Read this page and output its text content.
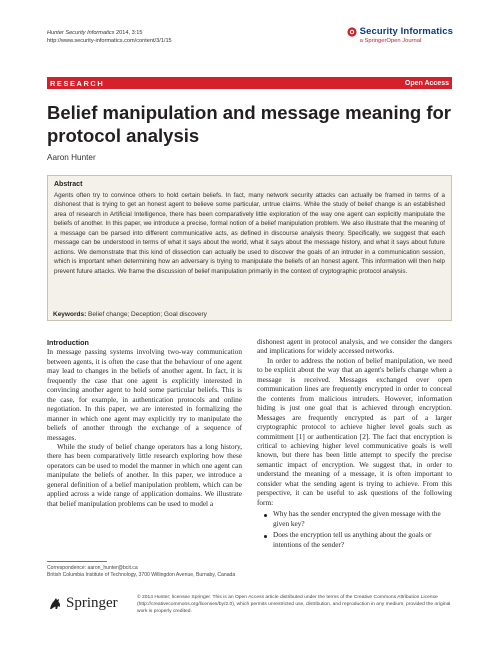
Hunter Security Informatics 2014, 3:15
http://www.security-informatics.com/content/3/1/15
Security Informatics
a SpringerOpen Journal
RESEARCH	Open Access
Belief manipulation and message meaning for protocol analysis
Aaron Hunter
Abstract
Agents often try to convince others to hold certain beliefs. In fact, many network security attacks can actually be framed in terms of a dishonest that is trying to get an honest agent to believe some particular, untrue claims. While the study of belief change is an established area of research in Artificial Intelligence, there has been comparatively little exploration of the way one agent can explicitly manipulate the beliefs of another. In this paper, we introduce a precise, formal notion of a belief manipulation problem. We also illustrate that the meaning of a message can be parsed into different communicative acts, as defined in discourse analysis theory. Specifically, we suggest that each message can be understood in terms of what it says about the world, what it says about the message history, and what it says about future actions. We demonstrate that this kind of dissection can actually be used to discover the goals of an intruder in a communication session, which is important when determining how an adversary is trying to manipulate the beliefs of an honest agent. This information will then help prevent future attacks. We frame the discussion of belief manipulation primarily in the context of cryptographic protocol analysis.
Keywords: Belief change; Deception; Goal discovery
Introduction

In message passing systems involving two-way communication between agents, it is often the case that the behaviour of one agent may lead to changes in the beliefs of another agent. In fact, it is frequently the case that one agent is explicitly interested in convincing another agent to hold some particular beliefs. This is the case, for example, in authentication protocols and online negotiation. In this paper, we are interested in formalizing the manner in which one agent may explicitly try to manipulate the beliefs of another through the exchange of a sequence of messages.

While the study of belief change operators has a long history, there has been comparatively little research exploring how these operators can be used to model the manner in which one agent can manipulate the beliefs of another. In this paper, we introduce a general definition of a belief manipulation problem, which can be applied across a wide range of application domains. We illustrate that belief manipulation problems can be used to model a

dishonest agent in protocol analysis, and we consider the dangers and implications for widely accessed networks.

In order to address the notion of belief manipulation, we need to be explicit about the way that an agent's beliefs change when a message is received. Messages exchanged over open communication lines are frequently encrypted in order to conceal the contents from malicious intruders. However, information hiding is just one goal that is achieved through encryption. Messages are frequently encrypted as part of a larger cryptographic protocol to achieve higher level goals such as commitment [1] or authentication [2]. The fact that encryption is critical to achieving higher level communicative goals is well known, but there has been little attempt to specify the precise semantic impact of encryption. We suggest that, in order to understand the meaning of a message, it is often important to consider what the sending agent is trying to achieve. From this perspective, it can be useful to ask questions of the following form:

Why has the sender encrypted the given message with the given key?
Does the encryption tell us anything about the goals or intentions of the sender?
Correspondence: aaron_hunter@bcit.ca
British Columbia Institute of Technology, 3700 Willingdon Avenue, Burnaby, Canada
Springer	© 2014 Hunter; licensee Springer. This is an Open Access article distributed under the terms of the Creative Commons Attribution License (http://creativecommons.org/licenses/by/2.0), which permits unrestricted use, distribution, and reproduction in any medium, provided the original work is properly credited.
